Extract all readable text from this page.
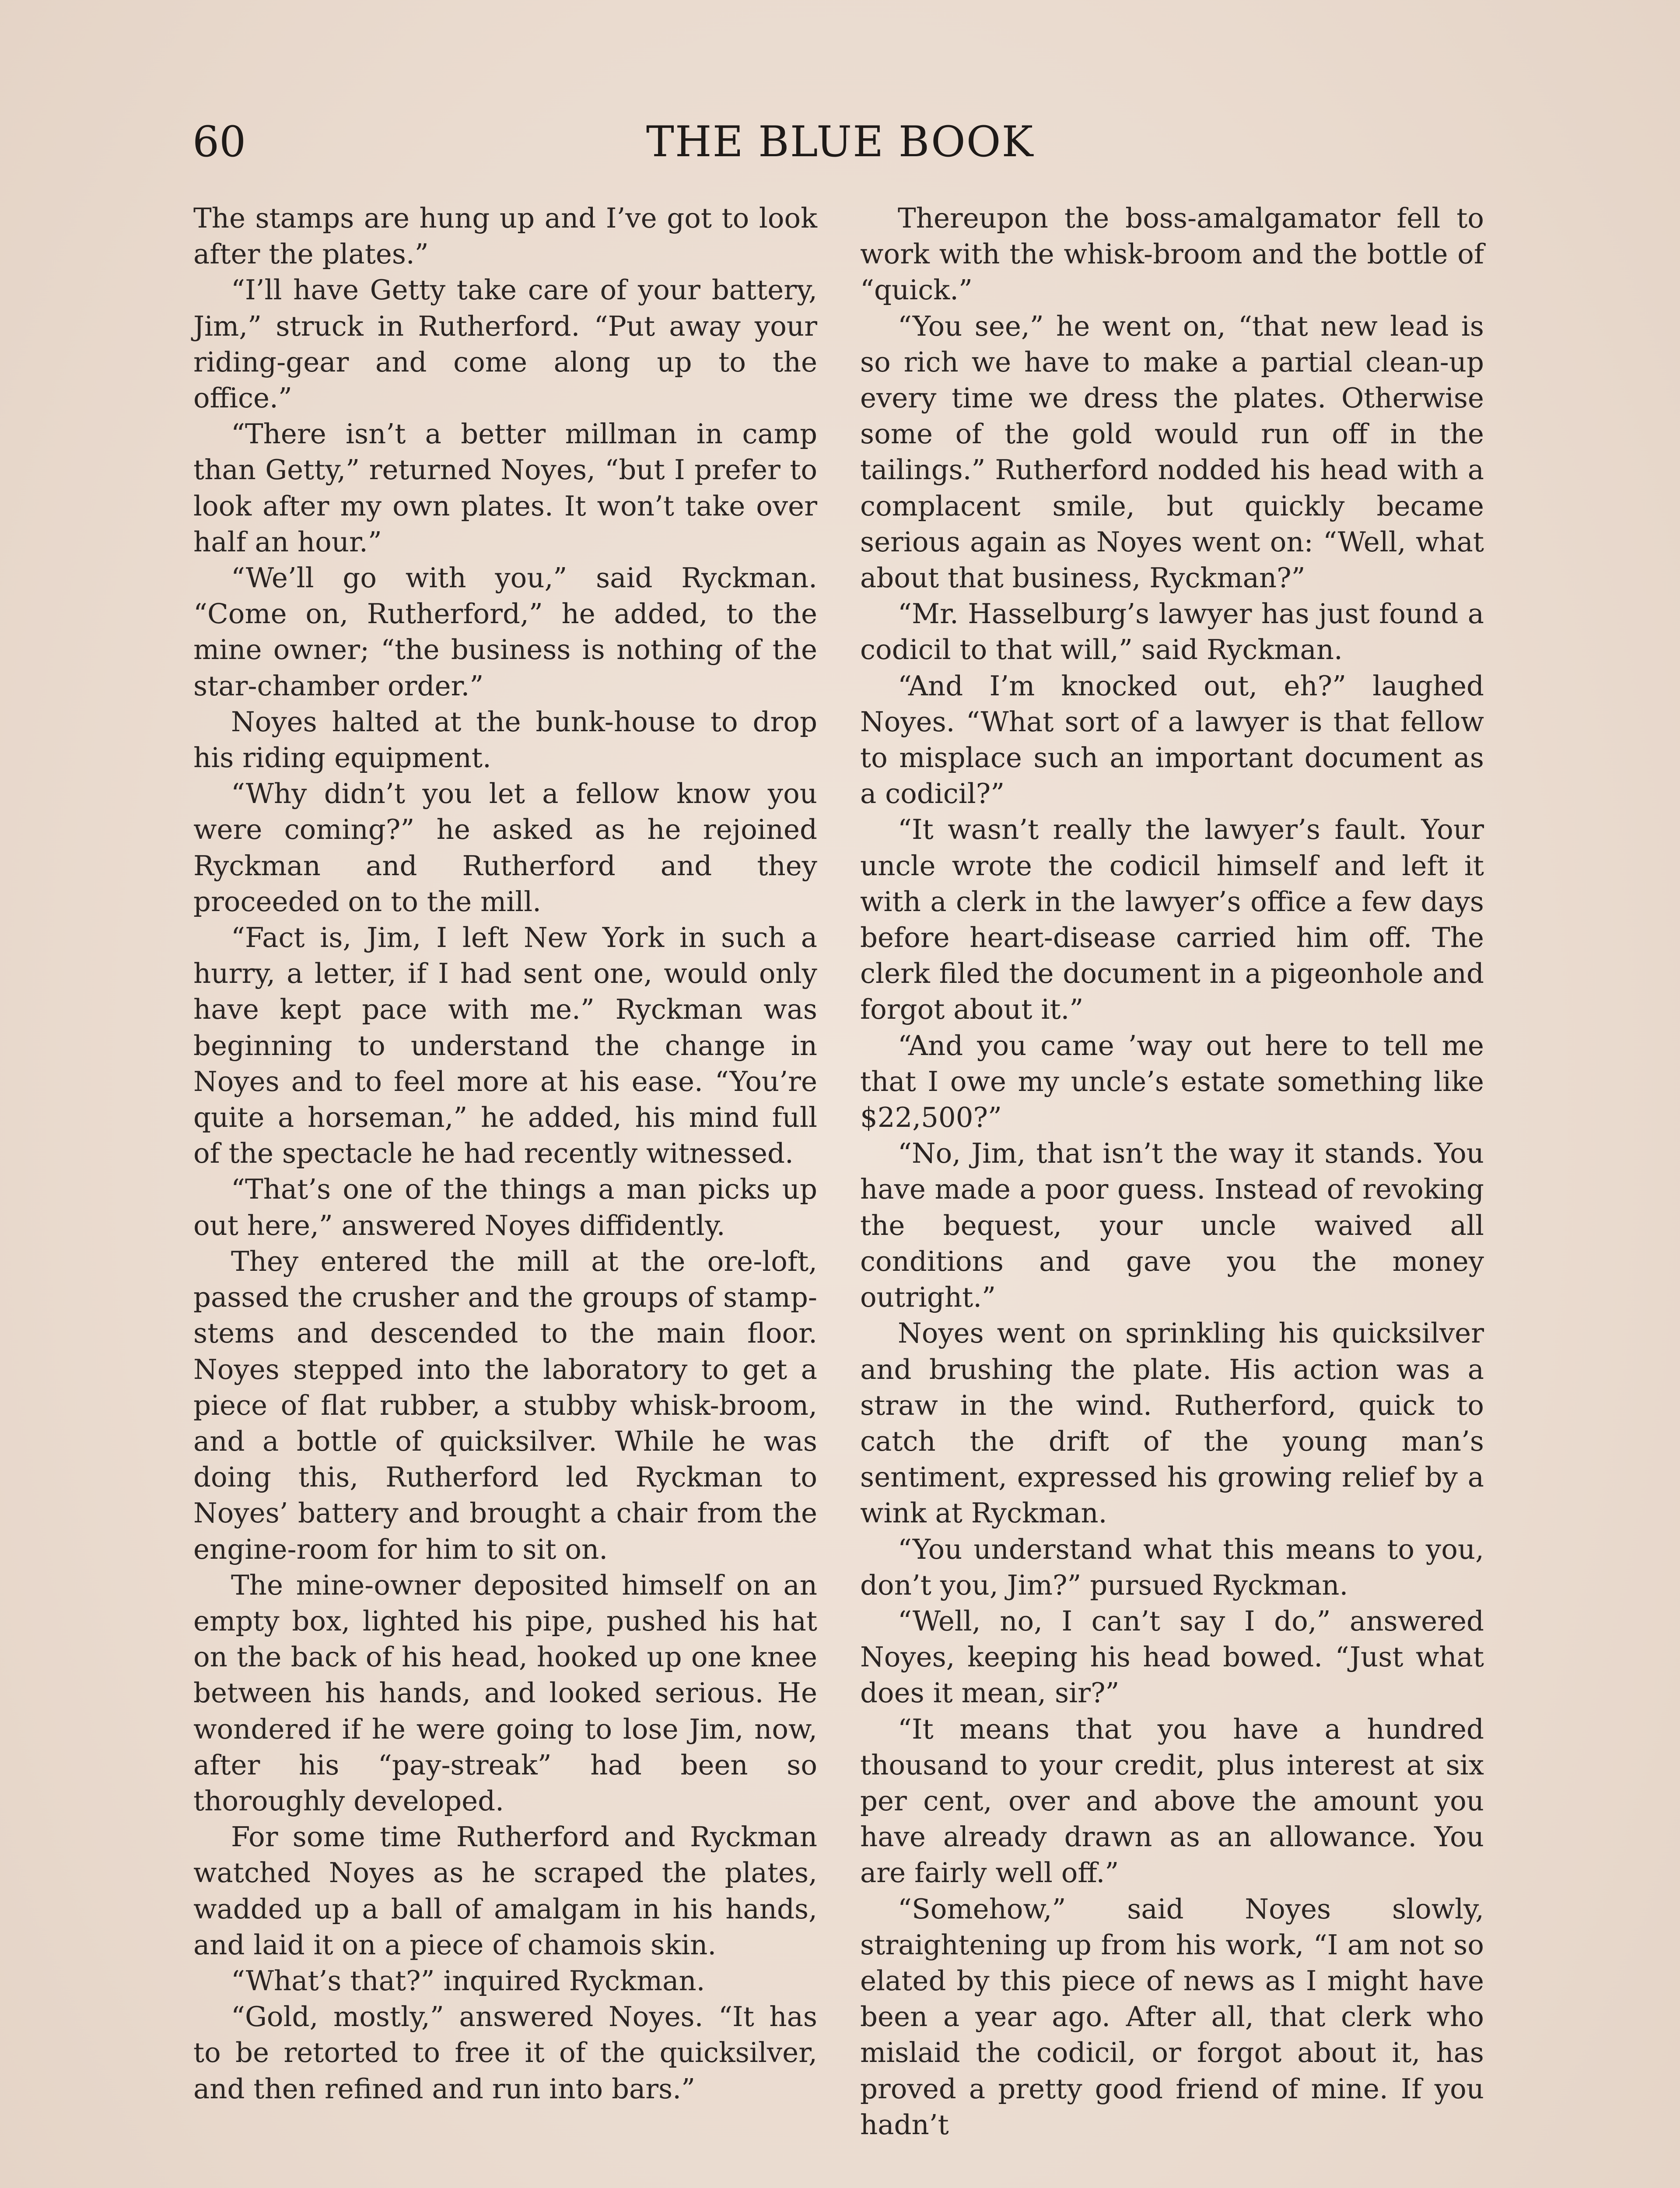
60	THE BLUE BOOK

The stamps are hung up and I’ve got to look after the plates.”

“I’ll have Getty take care of your battery, Jim,” struck in Rutherford. “Put away your riding-gear and come along up to the office.”

“There isn’t a better millman in camp than Getty,” returned Noyes, “but I prefer to look after my own plates. It won’t take over half an hour.”

“We’ll go with you,” said Ryckman. “Come on, Rutherford,” he added, to the mine owner; “the business is nothing of the star-chamber order.”

Noyes halted at the bunk-house to drop his riding equipment.

“Why didn’t you let a fellow know you were coming?” he asked as he rejoined Ryckman and Rutherford and they proceeded on to the mill.

“Fact is, Jim, I left New York in such a hurry, a letter, if I had sent one, would only have kept pace with me.” Ryckman was beginning to understand the change in Noyes and to feel more at his ease. “You’re quite a horseman,” he added, his mind full of the spectacle he had recently witnessed.

“That’s one of the things a man picks up out here,” answered Noyes diffidently.

They entered the mill at the ore-loft, passed the crusher and the groups of stamp-stems and descended to the main floor. Noyes stepped into the laboratory to get a piece of flat rubber, a stubby whisk-broom, and a bottle of quicksilver. While he was doing this, Rutherford led Ryckman to Noyes’ battery and brought a chair from the engine-room for him to sit on.

The mine-owner deposited himself on an empty box, lighted his pipe, pushed his hat on the back of his head, hooked up one knee between his hands, and looked serious. He wondered if he were going to lose Jim, now, after his “pay-streak” had been so thoroughly developed.

For some time Rutherford and Ryckman watched Noyes as he scraped the plates, wadded up a ball of amalgam in his hands, and laid it on a piece of chamois skin.

“What’s that?” inquired Ryckman.

“Gold, mostly,” answered Noyes. “It has to be retorted to free it of the quicksilver, and then refined and run into bars.”

Thereupon the boss-amalgamator fell to work with the whisk-broom and the bottle of “quick.”

“You see,” he went on, “that new lead is so rich we have to make a partial clean-up every time we dress the plates. Otherwise some of the gold would run off in the tailings.” Rutherford nodded his head with a complacent smile, but quickly became serious again as Noyes went on: “Well, what about that business, Ryckman?”

“Mr. Hasselburg’s lawyer has just found a codicil to that will,” said Ryckman.

“And I’m knocked out, eh?” laughed Noyes. “What sort of a lawyer is that fellow to misplace such an important document as a codicil?”

“It wasn’t really the lawyer’s fault. Your uncle wrote the codicil himself and left it with a clerk in the lawyer’s office a few days before heart-disease carried him off. The clerk filed the document in a pigeonhole and forgot about it.”

“And you came ’way out here to tell me that I owe my uncle’s estate something like $22,500?”

“No, Jim, that isn’t the way it stands. You have made a poor guess. Instead of revoking the bequest, your uncle waived all conditions and gave you the money outright.”

Noyes went on sprinkling his quicksilver and brushing the plate. His action was a straw in the wind. Rutherford, quick to catch the drift of the young man’s sentiment, expressed his growing relief by a wink at Ryckman.

“You understand what this means to you, don’t you, Jim?” pursued Ryckman.

“Well, no, I can’t say I do,” answered Noyes, keeping his head bowed. “Just what does it mean, sir?”

“It means that you have a hundred thousand to your credit, plus interest at six per cent, over and above the amount you have already drawn as an allowance. You are fairly well off.”

“Somehow,” said Noyes slowly, straightening up from his work, “I am not so elated by this piece of news as I might have been a year ago. After all, that clerk who mislaid the codicil, or forgot about it, has proved a pretty good friend of mine. If you hadn’t
